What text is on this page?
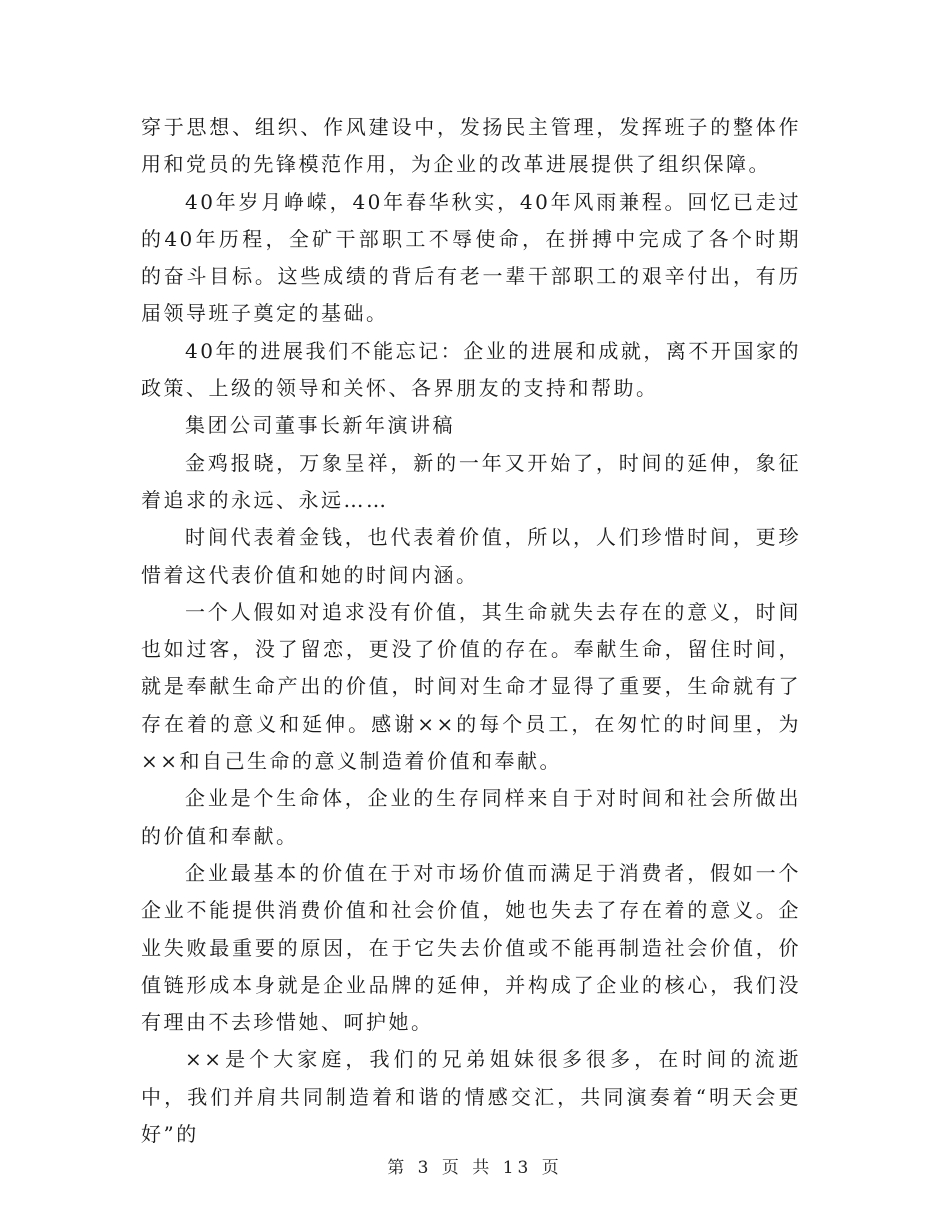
穿于思想、组织、作风建设中，发扬民主管理，发挥班子的整体作用和党员的先锋模范作用，为企业的改革进展提供了组织保障。

40年岁月峥嵘，40年春华秋实，40年风雨兼程。回忆已走过的40年历程，全矿干部职工不辱使命，在拼搏中完成了各个时期的奋斗目标。这些成绩的背后有老一辈干部职工的艰辛付出，有历届领导班子奠定的基础。

40年的进展我们不能忘记：企业的进展和成就，离不开国家的政策、上级的领导和关怀、各界朋友的支持和帮助。

集团公司董事长新年演讲稿

金鸡报晓，万象呈祥，新的一年又开始了，时间的延伸，象征着追求的永远、永远……

时间代表着金钱，也代表着价值，所以，人们珍惜时间，更珍惜着这代表价值和她的时间内涵。

一个人假如对追求没有价值，其生命就失去存在的意义，时间也如过客，没了留恋，更没了价值的存在。奉献生命，留住时间，就是奉献生命产出的价值，时间对生命才显得了重要，生命就有了存在着的意义和延伸。感谢××的每个员工，在匆忙的时间里，为××和自己生命的意义制造着价值和奉献。

企业是个生命体，企业的生存同样来自于对时间和社会所做出的价值和奉献。

企业最基本的价值在于对市场价值而满足于消费者，假如一个企业不能提供消费价值和社会价值，她也失去了存在着的意义。企业失败最重要的原因，在于它失去价值或不能再制造社会价值，价值链形成本身就是企业品牌的延伸，并构成了企业的核心，我们没有理由不去珍惜她、呵护她。

××是个大家庭，我们的兄弟姐妹很多很多，在时间的流逝中，我们并肩共同制造着和谐的情感交汇，共同演奏着“明天会更好”的

第 3 页 共 13 页
